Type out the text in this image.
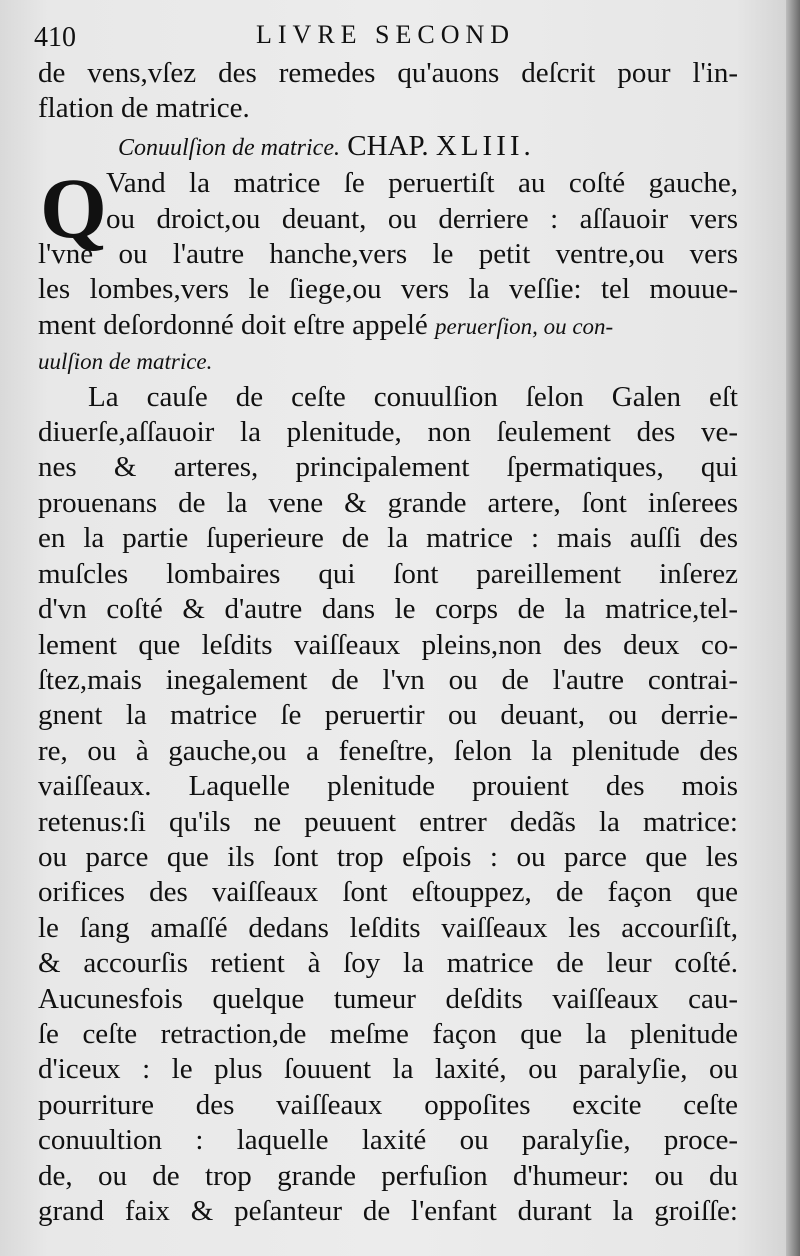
410	LIVRE SECOND
de vens,vſez des remedes qu'auons deſcrit pour l'in-
flation de matrice.
Conuulſion de matrice. CHAP. XLIII.
Q Vand la matrice ſe peruertiſt au coſté gauche,
ou droict,ou deuant, ou derriere : aſſauoir vers
l'vne ou l'autre hanche,vers le petit ventre,ou vers
les lombes,vers le ſiege,ou vers la veſſie: tel mouue-
ment deſordonné doit eſtre appelé peruerſion, ou con-
uulſion de matrice.
La cauſe de ceſte conuulſion ſelon Galen eſt
diuerſe,aſſauoir la plenitude, non ſeulement des ve-
nes & arteres, principalement ſpermatiques, qui
prouenans de la vene & grande artere, ſont inſerees
en la partie ſuperieure de la matrice : mais auſſi des
muſcles lombaires qui ſont pareillement inſerez
d'vn coſté & d'autre dans le corps de la matrice,tel-
lement que leſdits vaiſſeaux pleins,non des deux co-
ſtez,mais inegalement de l'vn ou de l'autre contrai-
gnent la matrice ſe peruertir ou deuant, ou derrie-
re, ou à gauche,ou a feneſtre, ſelon la plenitude des
vaiſſeaux. Laquelle plenitude prouient des mois
retenus:ſi qu'ils ne peuuent entrer dedãs la matrice:
ou parce que ils ſont trop eſpois : ou parce que les
orifices des vaiſſeaux ſont eſtouppez, de façon que
le ſang amaſſé dedans leſdits vaiſſeaux les accourſiſt,
& accourſis retient à ſoy la matrice de leur coſté.
Aucunesfois quelque tumeur deſdits vaiſſeaux cau-
ſe ceſte retraction,de meſme façon que la plenitude
d'iceux : le plus ſouuent la laxité, ou paralyſie, ou
pourriture des vaiſſeaux oppoſites excite ceſte
conuultion : laquelle laxité ou paralyſie, proce-
de, ou de trop grande perfuſion d'humeur: ou du
grand faix & peſanteur de l'enfant durant la groiſſe:
